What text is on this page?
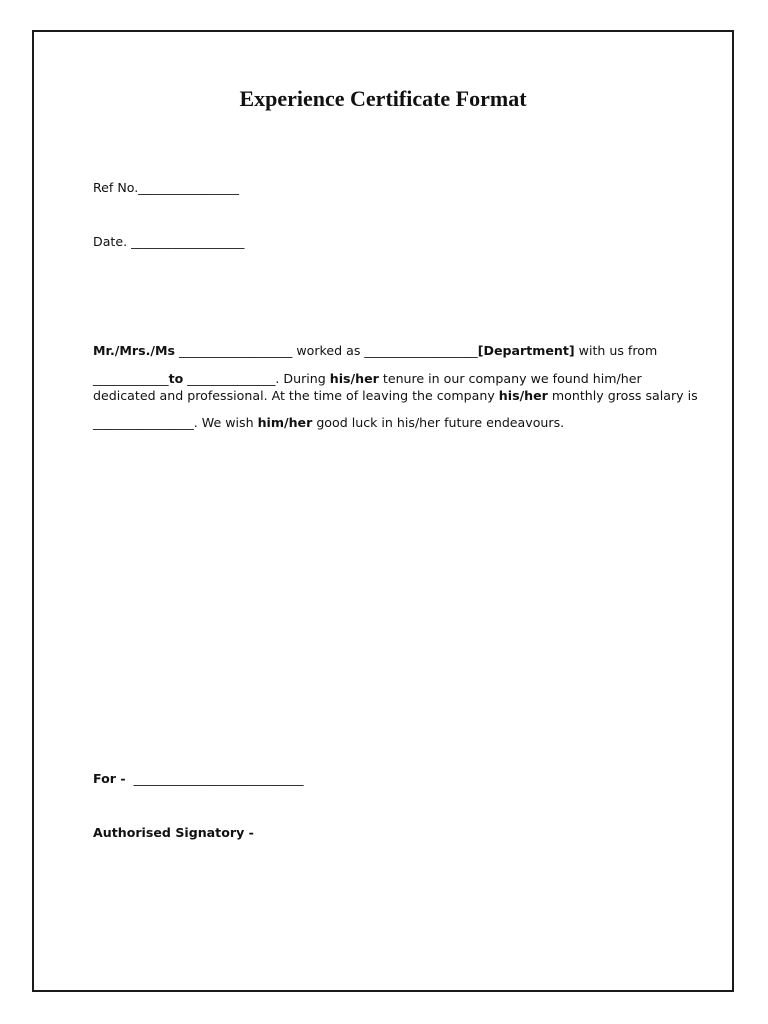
Experience Certificate Format
Ref No.________________
Date. __________________
Mr./Mrs./Ms __________________ worked as __________________[Department] with us from
____________to ______________. During his/her tenure in our company we found him/her
dedicated and professional. At the time of leaving the company his/her monthly gross salary is
________________. We wish him/her good luck in his/her future endeavours.
For -  ___________________________
Authorised Signatory -
